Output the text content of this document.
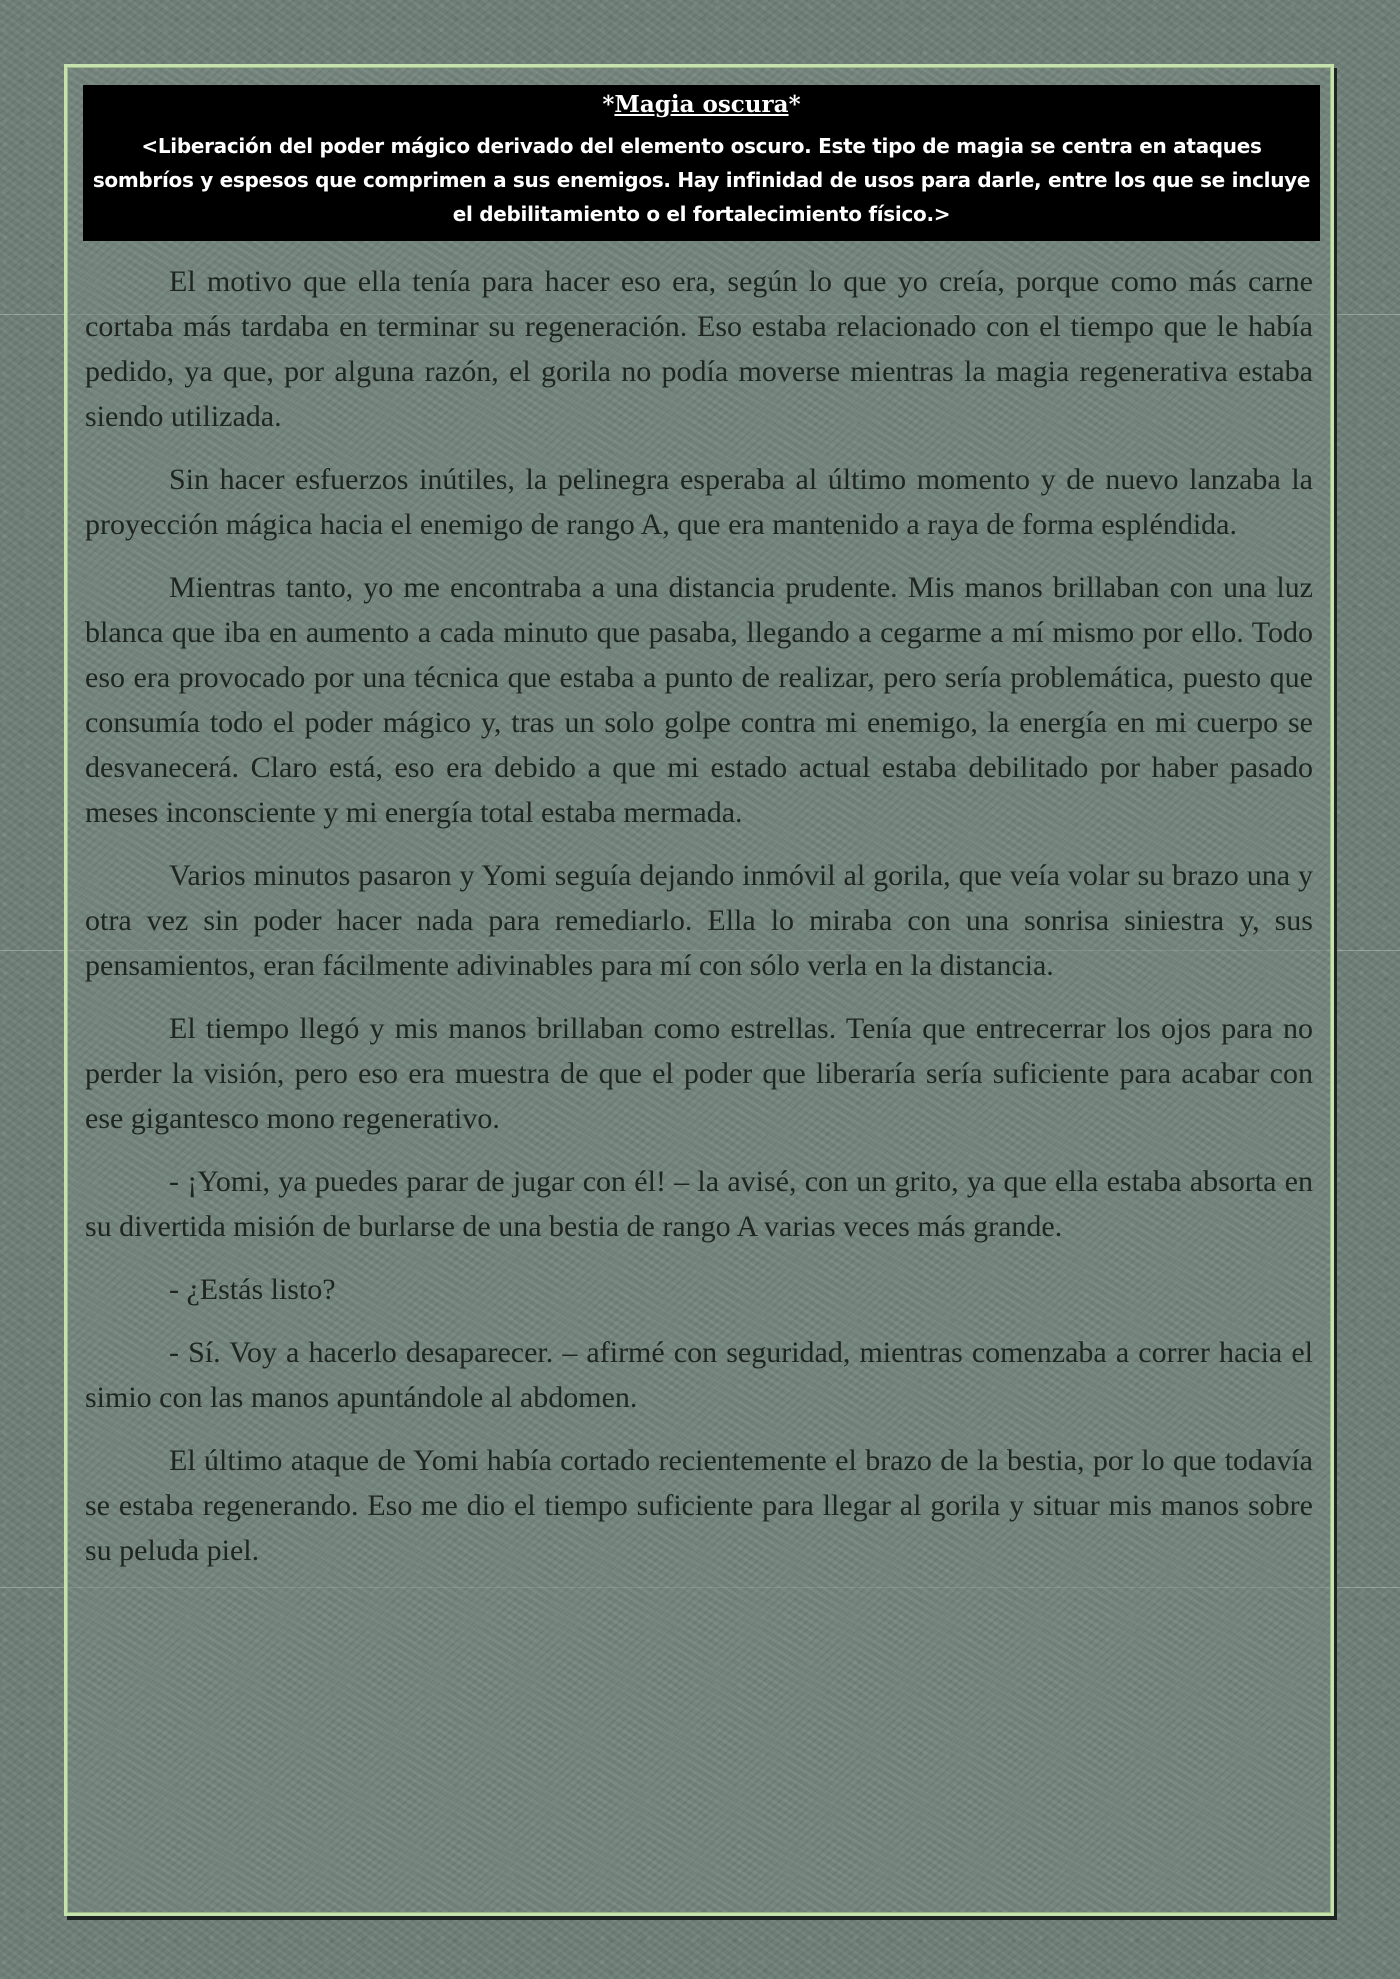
*Magia oscura*

<Liberación del poder mágico derivado del elemento oscuro. Este tipo de magia se centra en ataques sombríos y espesos que comprimen a sus enemigos. Hay infinidad de usos para darle, entre los que se incluye el debilitamiento o el fortalecimiento físico.>

El motivo que ella tenía para hacer eso era, según lo que yo creía, porque como más carne cortaba más tardaba en terminar su regeneración. Eso estaba relacionado con el tiempo que le había pedido, ya que, por alguna razón, el gorila no podía moverse mientras la magia regenerativa estaba siendo utilizada.

Sin hacer esfuerzos inútiles, la pelinegra esperaba al último momento y de nuevo lanzaba la proyección mágica hacia el enemigo de rango A, que era mantenido a raya de forma espléndida.

Mientras tanto, yo me encontraba a una distancia prudente. Mis manos brillaban con una luz blanca que iba en aumento a cada minuto que pasaba, llegando a cegarme a mí mismo por ello. Todo eso era provocado por una técnica que estaba a punto de realizar, pero sería problemática, puesto que consumía todo el poder mágico y, tras un solo golpe contra mi enemigo, la energía en mi cuerpo se desvanecerá. Claro está, eso era debido a que mi estado actual estaba debilitado por haber pasado meses inconsciente y mi energía total estaba mermada.

Varios minutos pasaron y Yomi seguía dejando inmóvil al gorila, que veía volar su brazo una y otra vez sin poder hacer nada para remediarlo. Ella lo miraba con una sonrisa siniestra y, sus pensamientos, eran fácilmente adivinables para mí con sólo verla en la distancia.

El tiempo llegó y mis manos brillaban como estrellas. Tenía que entrecerrar los ojos para no perder la visión, pero eso era muestra de que el poder que liberaría sería suficiente para acabar con ese gigantesco mono regenerativo.

- ¡Yomi, ya puedes parar de jugar con él! – la avisé, con un grito, ya que ella estaba absorta en su divertida misión de burlarse de una bestia de rango A varias veces más grande.

- ¿Estás listo?

- Sí. Voy a hacerlo desaparecer. – afirmé con seguridad, mientras comenzaba a correr hacia el simio con las manos apuntándole al abdomen.

El último ataque de Yomi había cortado recientemente el brazo de la bestia, por lo que todavía se estaba regenerando. Eso me dio el tiempo suficiente para llegar al gorila y situar mis manos sobre su peluda piel.
